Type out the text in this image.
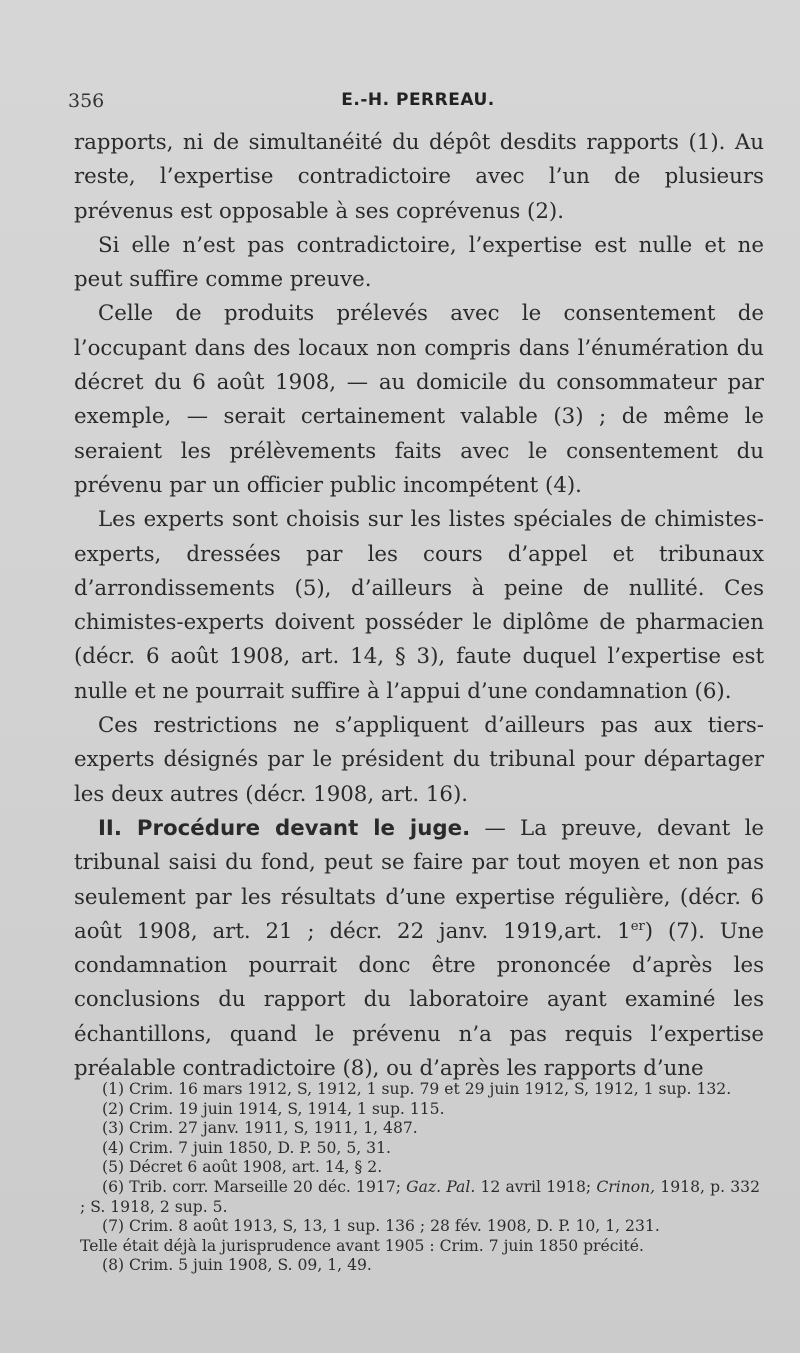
356	E.-H. PERREAU.

rapports, ni de simultanéité du dépôt desdits rapports (1). Au reste, l’expertise contradictoire avec l’un de plusieurs prévenus est opposable à ses coprévenus (2).

Si elle n’est pas contradictoire, l’expertise est nulle et ne peut suffire comme preuve.

Celle de produits prélevés avec le consentement de l’occupant dans des locaux non compris dans l’énumération du décret du 6 août 1908, — au domicile du consommateur par exemple, — serait certainement valable (3) ; de même le seraient les prélèvements faits avec le consentement du prévenu par un officier public incompétent (4).

Les experts sont choisis sur les listes spéciales de chimistes-experts, dressées par les cours d’appel et tribunaux d’arrondissements (5), d’ailleurs à peine de nullité. Ces chimistes-experts doivent posséder le diplôme de pharmacien (décr. 6 août 1908, art. 14, § 3), faute duquel l’expertise est nulle et ne pourrait suffire à l’appui d’une condamnation (6).

Ces restrictions ne s’appliquent d’ailleurs pas aux tiers-experts désignés par le président du tribunal pour départager les deux autres (décr. 1908, art. 16).

II. Procédure devant le juge. — La preuve, devant le tribunal saisi du fond, peut se faire par tout moyen et non pas seulement par les résultats d’une expertise régulière, (décr. 6 août 1908, art. 21 ; décr. 22 janv. 1919,art. 1er) (7). Une condamnation pourrait donc être prononcée d’après les conclusions du rapport du laboratoire ayant examiné les échantillons, quand le prévenu n’a pas requis l’expertise préalable contradictoire (8), ou d’après les rapports d’une

(1) Crim. 16 mars 1912, S, 1912, 1 sup. 79 et 29 juin 1912, S, 1912, 1 sup. 132.

(2) Crim. 19 juin 1914, S, 1914, 1 sup. 115.

(3) Crim. 27 janv. 1911, S, 1911, 1, 487.

(4) Crim. 7 juin 1850, D. P. 50, 5, 31.

(5) Décret 6 août 1908, art. 14, § 2.

(6) Trib. corr. Marseille 20 déc. 1917; Gaz. Pal. 12 avril 1918; Crinon, 1918, p. 332 ; S. 1918, 2 sup. 5.

(7) Crim. 8 août 1913, S, 13, 1 sup. 136 ; 28 fév. 1908, D. P. 10, 1, 231.

Telle était déjà la jurisprudence avant 1905 : Crim. 7 juin 1850 précité.

(8) Crim. 5 juin 1908, S. 09, 1, 49.
